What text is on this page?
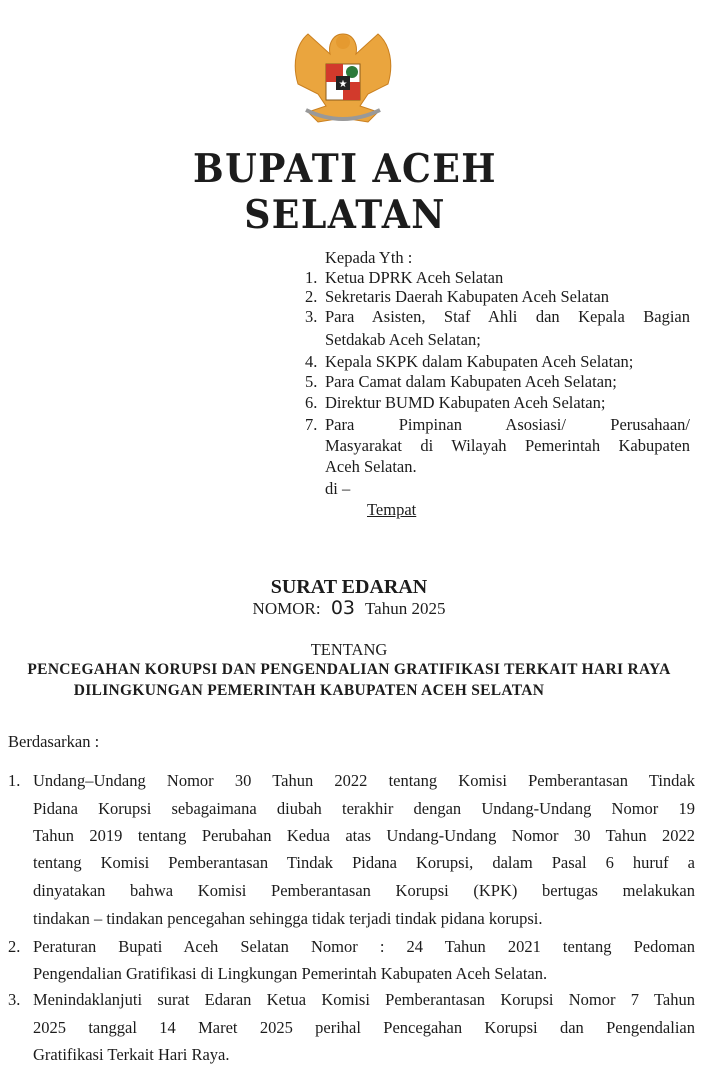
★
BUPATI ACEH SELATAN
Kepada Yth :
1. Ketua DPRK Aceh Selatan
2. Sekretaris Daerah Kabupaten Aceh Selatan
3. Para Asisten, Staf Ahli dan Kepala Bagian
Setdakab Aceh Selatan;
4. Kepala SKPK dalam Kabupaten Aceh Selatan;
5. Para Camat dalam Kabupaten Aceh Selatan;
6. Direktur BUMD Kabupaten Aceh Selatan;
7. Para Pimpinan Asosiasi/ Perusahaan/
Masyarakat di Wilayah Pemerintah Kabupaten
Aceh Selatan.
di –
Tempat
SURAT EDARAN
NOMOR: 03 Tahun 2025
TENTANG
PENCEGAHAN KORUPSI DAN PENGENDALIAN GRATIFIKASI TERKAIT HARI RAYA
DILINGKUNGAN PEMERINTAH KABUPATEN ACEH SELATAN
Berdasarkan :
1. Undang–Undang Nomor 30 Tahun 2022 tentang Komisi Pemberantasan Tindak
Pidana Korupsi sebagaimana diubah terakhir dengan Undang-Undang Nomor 19
Tahun 2019 tentang Perubahan Kedua atas Undang-Undang Nomor 30 Tahun 2022
tentang Komisi Pemberantasan Tindak Pidana Korupsi, dalam Pasal 6 huruf a
dinyatakan bahwa Komisi Pemberantasan Korupsi (KPK) bertugas melakukan
tindakan – tindakan pencegahan sehingga tidak terjadi tindak pidana korupsi.
2. Peraturan Bupati Aceh Selatan Nomor : 24 Tahun 2021 tentang Pedoman
Pengendalian Gratifikasi di Lingkungan Pemerintah Kabupaten Aceh Selatan.
3. Menindaklanjuti surat Edaran Ketua Komisi Pemberantasan Korupsi Nomor 7 Tahun
2025 tanggal 14 Maret 2025 perihal Pencegahan Korupsi dan Pengendalian
Gratifikasi Terkait Hari Raya.
